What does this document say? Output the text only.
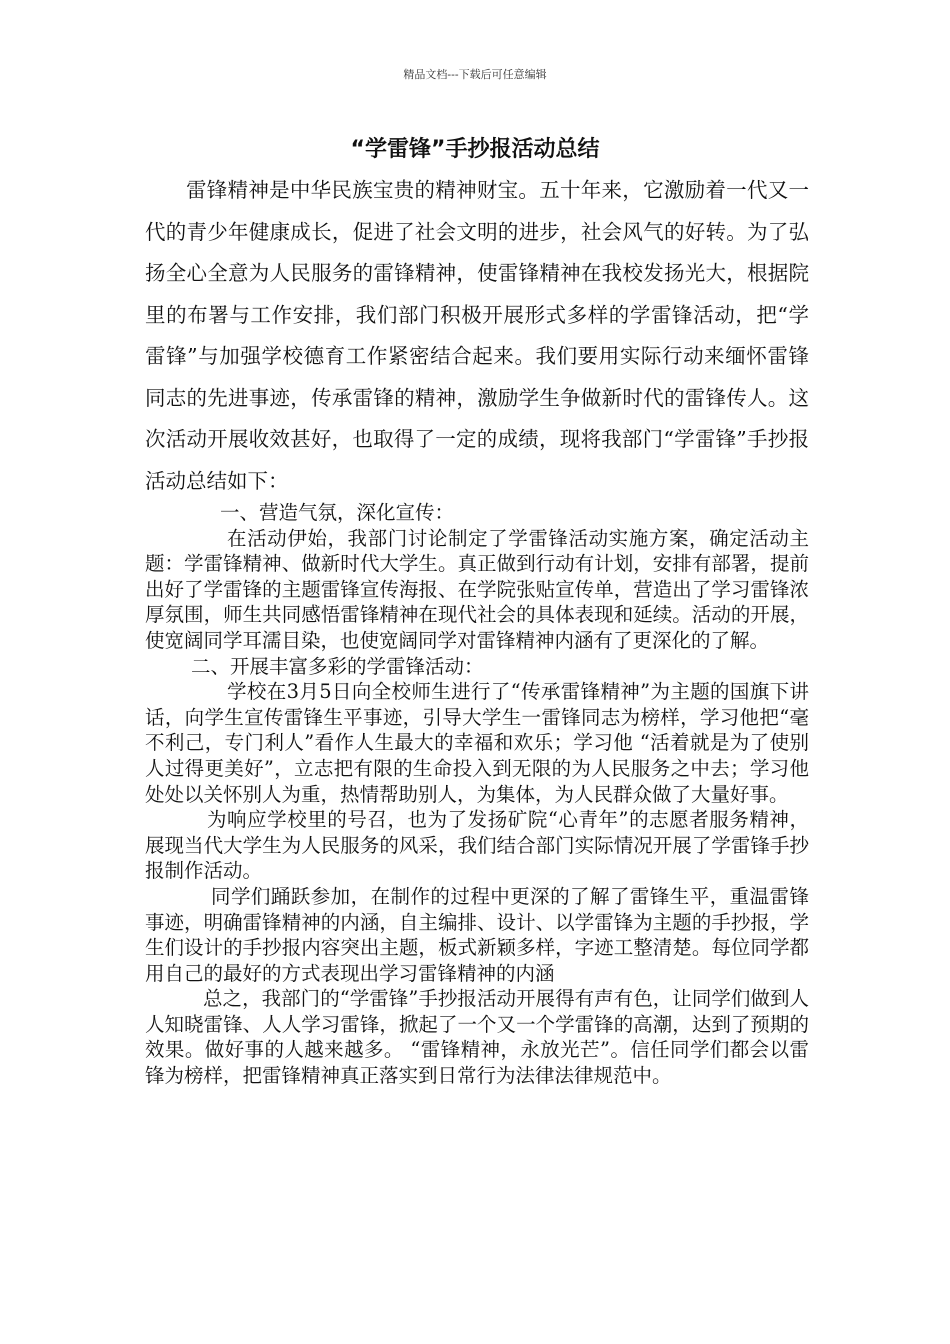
精品文档---下载后可任意编辑
“学雷锋”手抄报活动总结

雷锋精神是中华民族宝贵的精神财宝。五十年来，它激励着一代又一代的青少年健康成长，促进了社会文明的进步，社会风气的好转。为了弘扬全心全意为人民服务的雷锋精神，使雷锋精神在我校发扬光大，根据院里的布署与工作安排，我们部门积极开展形式多样的学雷锋活动，把“学雷锋”与加强学校德育工作紧密结合起来。我们要用实际行动来缅怀雷锋同志的先进事迹，传承雷锋的精神，激励学生争做新时代的雷锋传人。这次活动开展收效甚好，也取得了一定的成绩，现将我部门“学雷锋”手抄报活动总结如下：

一、营造气氛，深化宣传：

在活动伊始，我部门讨论制定了学雷锋活动实施方案，确定活动主题：学雷锋精神、做新时代大学生。真正做到行动有计划，安排有部署，提前出好了学雷锋的主题雷锋宣传海报、在学院张贴宣传单，营造出了学习雷锋浓厚氛围，师生共同感悟雷锋精神在现代社会的具体表现和延续。活动的开展，使宽阔同学耳濡目染，也使宽阔同学对雷锋精神内涵有了更深化的了解。

二、开展丰富多彩的学雷锋活动：

学校在3月5日向全校师生进行了“传承雷锋精神”为主题的国旗下讲话，向学生宣传雷锋生平事迹，引导大学生一雷锋同志为榜样，学习他把“毫不利己，专门利人”看作人生最大的幸福和欢乐；学习他 “活着就是为了使别人过得更美好”，立志把有限的生命投入到无限的为人民服务之中去；学习他处处以关怀别人为重，热情帮助别人，为集体，为人民群众做了大量好事。

为响应学校里的号召，也为了发扬矿院“心青年”的志愿者服务精神，展现当代大学生为人民服务的风采，我们结合部门实际情况开展了学雷锋手抄报制作活动。

同学们踊跃参加，在制作的过程中更深的了解了雷锋生平，重温雷锋事迹，明确雷锋精神的内涵，自主编排、设计、以学雷锋为主题的手抄报，学生们设计的手抄报内容突出主题，板式新颖多样，字迹工整清楚。每位同学都用自己的最好的方式表现出学习雷锋精神的内涵

总之，我部门的“学雷锋”手抄报活动开展得有声有色，让同学们做到人人知晓雷锋、人人学习雷锋，掀起了一个又一个学雷锋的高潮，达到了预期的效果。做好事的人越来越多。 “雷锋精神，永放光芒”。信任同学们都会以雷锋为榜样，把雷锋精神真正落实到日常行为法律法律规范中。
